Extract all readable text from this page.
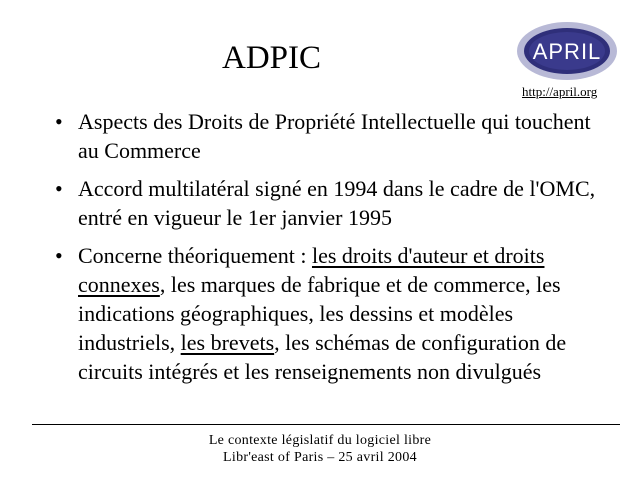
ADPIC	APRIL
http://april.org
• Aspects des Droits de Propriété Intellectuelle qui touchent au Commerce
• Accord multilatéral signé en 1994 dans le cadre de l'OMC, entré en vigueur le 1er janvier 1995
• Concerne théoriquement : les droits d'auteur et droits connexes, les marques de fabrique et de commerce, les indications géographiques, les dessins et modèles industriels, les brevets, les schémas de configuration de circuits intégrés et les renseignements non divulgués
Le contexte législatif du logiciel libre
Libr'east of Paris – 25 avril 2004
